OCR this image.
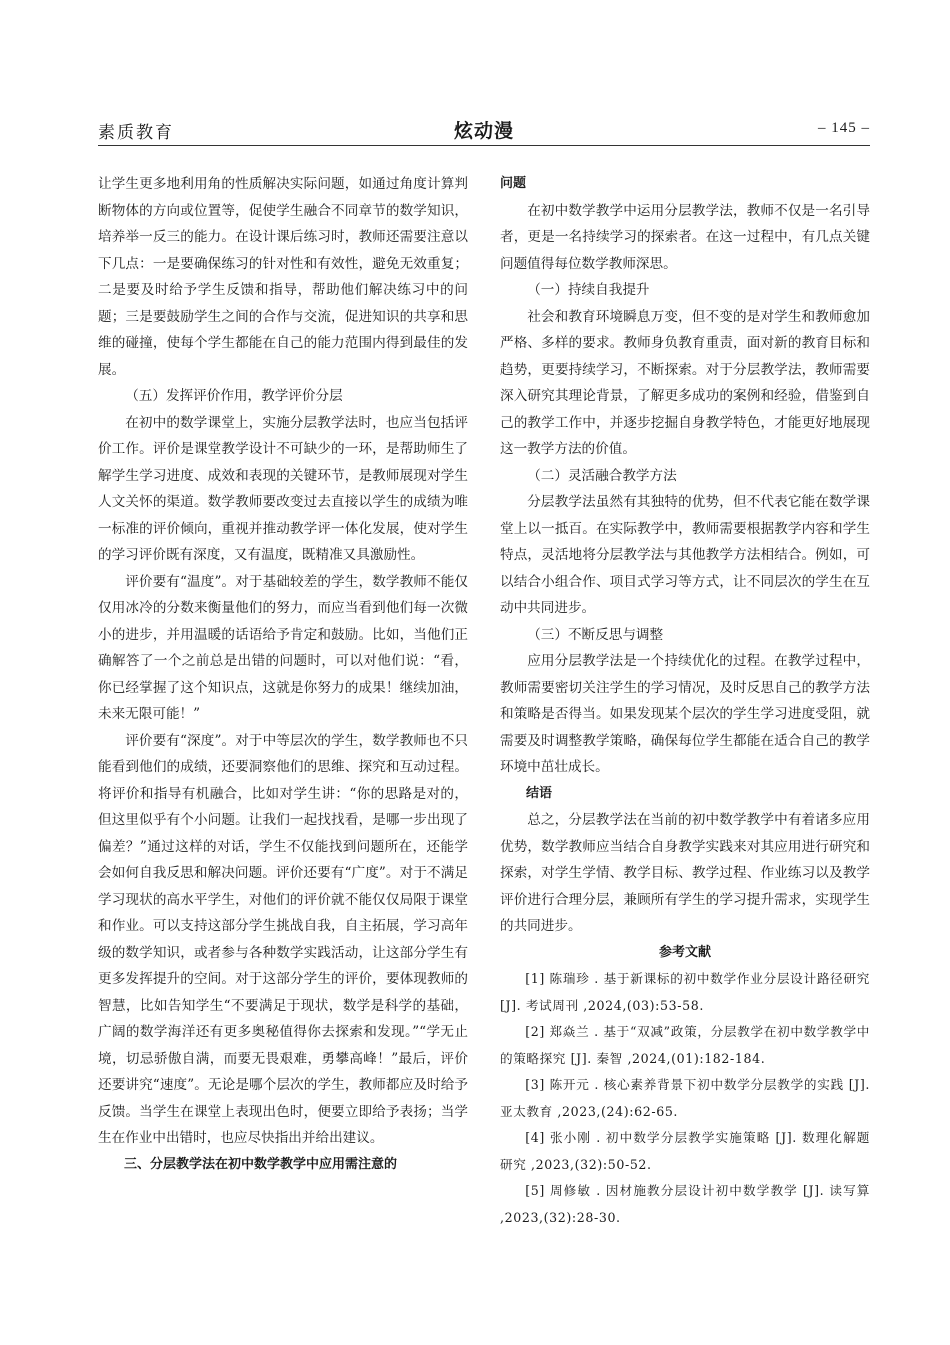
素质教育	炫动漫	– 145 –

让学生更多地利用角的性质解决实际问题，如通过角度计算判断物体的方向或位置等，促使学生融合不同章节的数学知识，培养举一反三的能力。在设计课后练习时，教师还需要注意以下几点：一是要确保练习的针对性和有效性，避免无效重复；二是要及时给予学生反馈和指导，帮助他们解决练习中的问题；三是要鼓励学生之间的合作与交流，促进知识的共享和思维的碰撞，使每个学生都能在自己的能力范围内得到最佳的发展。

（五）发挥评价作用，教学评价分层

在初中的数学课堂上，实施分层教学法时，也应当包括评价工作。评价是课堂教学设计不可缺少的一环，是帮助师生了解学生学习进度、成效和表现的关键环节，是教师展现对学生人文关怀的渠道。数学教师要改变过去直接以学生的成绩为唯一标准的评价倾向，重视并推动教学评一体化发展，使对学生的学习评价既有深度，又有温度，既精准又具激励性。

评价要有“温度”。对于基础较差的学生，数学教师不能仅仅用冰冷的分数来衡量他们的努力，而应当看到他们每一次微小的进步，并用温暖的话语给予肯定和鼓励。比如，当他们正确解答了一个之前总是出错的问题时，可以对他们说：“看，你已经掌握了这个知识点，这就是你努力的成果！继续加油，未来无限可能！”

评价要有“深度”。对于中等层次的学生，数学教师也不只能看到他们的成绩，还要洞察他们的思维、探究和互动过程。将评价和指导有机融合，比如对学生讲：“你的思路是对的，但这里似乎有个小问题。让我们一起找找看，是哪一步出现了偏差？”通过这样的对话，学生不仅能找到问题所在，还能学会如何自我反思和解决问题。评价还要有“广度”。对于不满足学习现状的高水平学生，对他们的评价就不能仅仅局限于课堂和作业。可以支持这部分学生挑战自我，自主拓展，学习高年级的数学知识，或者参与各种数学实践活动，让这部分学生有更多发挥提升的空间。对于这部分学生的评价，要体现教师的智慧，比如告知学生“不要满足于现状，数学是科学的基础，广阔的数学海洋还有更多奥秘值得你去探索和发现。”“学无止境，切忌骄傲自满，而要无畏艰难，勇攀高峰！”最后，评价还要讲究“速度”。无论是哪个层次的学生，教师都应及时给予反馈。当学生在课堂上表现出色时，便要立即给予表扬；当学生在作业中出错时，也应尽快指出并给出建议。

三、分层教学法在初中数学教学中应用需注意的

问题

在初中数学教学中运用分层教学法，教师不仅是一名引导者，更是一名持续学习的探索者。在这一过程中，有几点关键问题值得每位数学教师深思。

（一）持续自我提升

社会和教育环境瞬息万变，但不变的是对学生和教师愈加严格、多样的要求。教师身负教育重责，面对新的教育目标和趋势，更要持续学习，不断探索。对于分层教学法，教师需要深入研究其理论背景，了解更多成功的案例和经验，借鉴到自己的教学工作中，并逐步挖掘自身教学特色，才能更好地展现这一教学方法的价值。

（二）灵活融合教学方法

分层教学法虽然有其独特的优势，但不代表它能在数学课堂上以一抵百。在实际教学中，教师需要根据教学内容和学生特点，灵活地将分层教学法与其他教学方法相结合。例如，可以结合小组合作、项目式学习等方式，让不同层次的学生在互动中共同进步。

（三）不断反思与调整

应用分层教学法是一个持续优化的过程。在教学过程中，教师需要密切关注学生的学习情况，及时反思自己的教学方法和策略是否得当。如果发现某个层次的学生学习进度受阻，就需要及时调整教学策略，确保每位学生都能在适合自己的教学环境中茁壮成长。

结语

总之，分层教学法在当前的初中数学教学中有着诸多应用优势，数学教师应当结合自身教学实践来对其应用进行研究和探索，对学生学情、教学目标、教学过程、作业练习以及教学评价进行合理分层，兼顾所有学生的学习提升需求，实现学生的共同进步。

参考文献

[1] 陈瑞珍 . 基于新课标的初中数学作业分层设计路径研究 [J]. 考试周刊 ,2024,(03):53-58.

[2] 郑焱兰 . 基于“双减”政策，分层教学在初中数学教学中的策略探究 [J]. 秦智 ,2024,(01):182-184.

[3] 陈开元 . 核心素养背景下初中数学分层教学的实践 [J]. 亚太教育 ,2023,(24):62-65.

[4] 张小刚 . 初中数学分层教学实施策略 [J]. 数理化解题研究 ,2023,(32):50-52.

[5] 周修敏 . 因材施教分层设计初中数学教学 [J]. 读写算 ,2023,(32):28-30.
